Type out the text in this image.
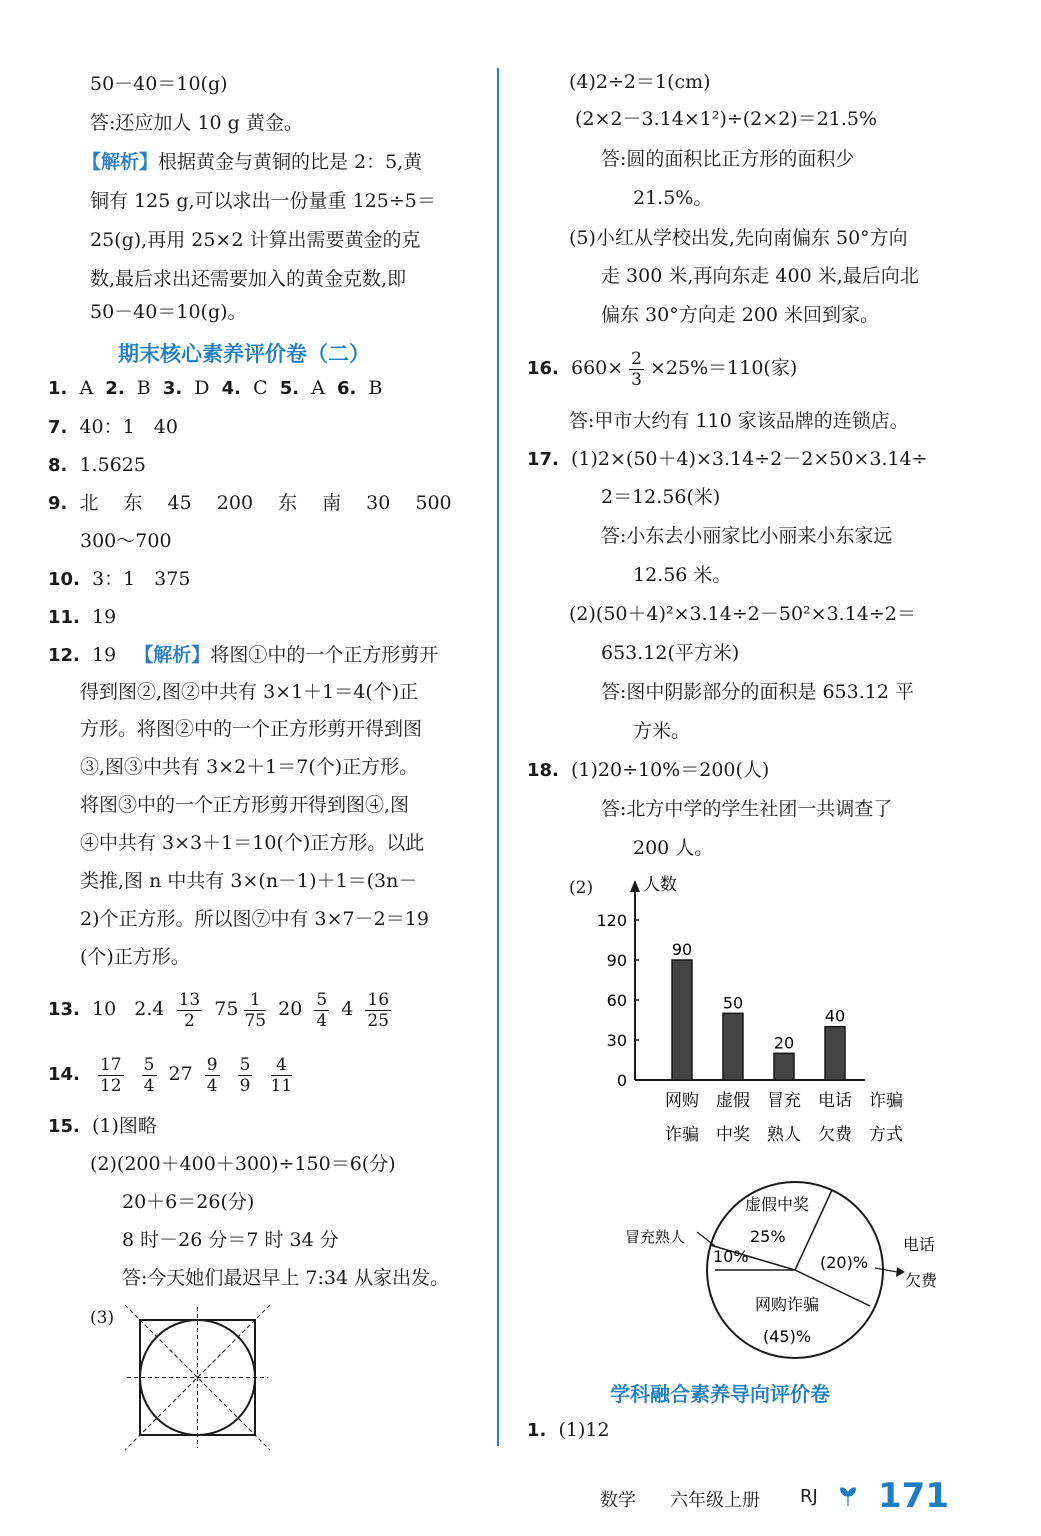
50－40＝10(g)
答:还应加人 10 g 黄金。
【解析】根据黄金与黄铜的比是 2：5,黄
铜有 125 g,可以求出一份量重 125÷5＝
25(g),再用 25×2 计算出需要黄金的克
数,最后求出还需要加入的黄金克数,即
50－40＝10(g)。
期末核心素养评价卷（二）
1. A 2. B 3. D 4. C 5. A 6. B
7. 40：1　40
8. 1.5625
9. 北　 东　 45　 200　 东　 南　 30　 500
300～700
10. 3：1　375
11. 19
12. 19 【解析】将图①中的一个正方形剪开
得到图②,图②中共有 3×1＋1＝4(个)正
方形。将图②中的一个正方形剪开得到图
③,图③中共有 3×2＋1＝7(个)正方形。
将图③中的一个正方形剪开得到图④,图
④中共有 3×3＋1＝10(个)正方形。以此
类推,图 n 中共有 3×(n－1)＋1＝(3n－
2)个正方形。所以图⑦中有 3×7－2＝19
(个)正方形。
13. 10 $2.4 \frac{13}{2} 75 \frac{1}{75} 20 \frac{5}{4} 4 \frac{16}{25}$
14. $\frac{17}{12}$
$\frac{5}{4} 27 \frac{9}{4}$
$\frac{5}{9}$
$\frac{4}{11}$
15. (1)图略
(2)(200＋400＋300)÷150＝6(分)
20＋6＝26(分)
8 时－26 分＝7 时 34 分
答:今天她们最迟早上 7:34 从家出发。
(3)
(4)2÷2＝1(cm)
(2×2－3.14×1²)÷(2×2)＝21.5%
答:圆的面积比正方形的面积少
21.5%。
(5)小红从学校出发,先向南偏东 50°方向
走 300 米,再向东走 400 米,最后向北
偏东 30°方向走 200 米回到家。
16. $660\times \frac{2}{3} \times 25\%=110$(家)
答:甲市大约有 110 家该品牌的连锁店。
17. (1)2×(50＋4)×3.14÷2－2×50×3.14÷
2＝12.56(米)
答:小东去小丽家比小丽来小东家远
12.56 米。
(2)(50＋4)²×3.14÷2－50²×3.14÷2＝
653.12(平方米)
答:图中阴影部分的面积是 653.12 平
方米。
18. (1)20÷10%＝200(人)
答:北方中学的学生社团一共调查了
200 人。
(2)	人数
0
30
60
90
120
90
网购
诈骗
50
虚假
中奖
20
冒充
熟人
40
电话
欠费
诈骗
方式
虚假中奖
25%
冒充熟人
10%	(20)%
电话
欠费
网购诈骗
(45)%
学科融合素养导向评价卷
1. (1)12
数学 六年级上册 RJ 171
